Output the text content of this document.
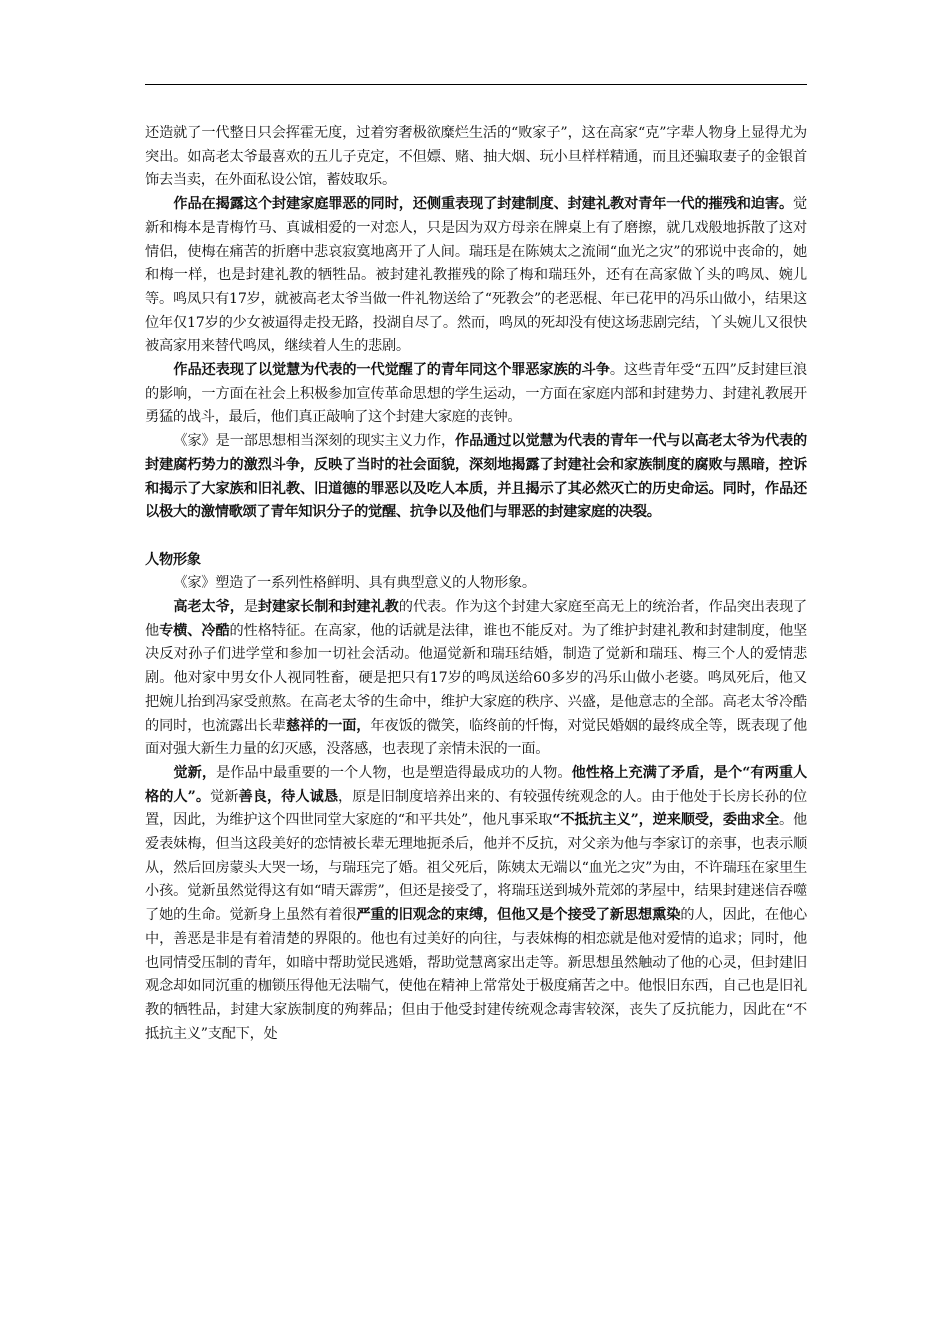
还造就了一代整日只会挥霍无度，过着穷奢极欲糜烂生活的“败家子”，这在高家“克”字辈人物身上显得尤为突出。如高老太爷最喜欢的五儿子克定，不但嫖、赌、抽大烟、玩小旦样样精通，而且还骗取妻子的金银首饰去当卖，在外面私设公馆，蓄妓取乐。

作品在揭露这个封建家庭罪恶的同时，还侧重表现了封建制度、封建礼教对青年一代的摧残和迫害。觉新和梅本是青梅竹马、真诚相爱的一对恋人，只是因为双方母亲在牌桌上有了磨擦，就几戏般地拆散了这对情侣，使梅在痛苦的折磨中悲哀寂寞地离开了人间。瑞珏是在陈姨太之流闹“血光之灾”的邪说中丧命的，她和梅一样，也是封建礼教的牺牲品。被封建礼教摧残的除了梅和瑞珏外，还有在高家做丫头的鸣凤、婉儿等。鸣凤只有17岁，就被高老太爷当做一件礼物送给了“死教会”的老恶棍、年已花甲的冯乐山做小，结果这位年仅17岁的少女被逼得走投无路，投湖自尽了。然而，鸣凤的死却没有使这场悲剧完结，丫头婉儿又很快被高家用来替代鸣凤，继续着人生的悲剧。

作品还表现了以觉慧为代表的一代觉醒了的青年同这个罪恶家族的斗争。这些青年受“五四”反封建巨浪的影响，一方面在社会上积极参加宣传革命思想的学生运动，一方面在家庭内部和封建势力、封建礼教展开勇猛的战斗，最后，他们真正敲响了这个封建大家庭的丧钟。

《家》是一部思想相当深刻的现实主义力作，作品通过以觉慧为代表的青年一代与以高老太爷为代表的封建腐朽势力的激烈斗争，反映了当时的社会面貌，深刻地揭露了封建社会和家族制度的腐败与黑暗，控诉和揭示了大家族和旧礼教、旧道德的罪恶以及吃人本质，并且揭示了其必然灭亡的历史命运。同时，作品还以极大的激情歌颂了青年知识分子的觉醒、抗争以及他们与罪恶的封建家庭的决裂。

人物形象

《家》塑造了一系列性格鲜明、具有典型意义的人物形象。

高老太爷，是封建家长制和封建礼教的代表。作为这个封建大家庭至高无上的统治者，作品突出表现了他专横、冷酷的性格特征。在高家，他的话就是法律，谁也不能反对。为了维护封建礼教和封建制度，他坚决反对孙子们进学堂和参加一切社会活动。他逼觉新和瑞珏结婚，制造了觉新和瑞珏、梅三个人的爱情悲剧。他对家中男女仆人视同牲畜，硬是把只有17岁的鸣凤送给60多岁的冯乐山做小老婆。鸣凤死后，他又把婉儿抬到冯家受煎熬。在高老太爷的生命中，维护大家庭的秩序、兴盛，是他意志的全部。高老太爷冷酷的同时，也流露出长辈慈祥的一面，年夜饭的微笑，临终前的忏悔，对觉民婚姻的最终成全等，既表现了他面对强大新生力量的幻灭感，没落感，也表现了亲情未泯的一面。

觉新，是作品中最重要的一个人物，也是塑造得最成功的人物。他性格上充满了矛盾，是个“有两重人格的人”。觉新善良，待人诚恳，原是旧制度培养出来的、有较强传统观念的人。由于他处于长房长孙的位置，因此，为维护这个四世同堂大家庭的“和平共处”，他凡事采取“不抵抗主义”，逆来顺受，委曲求全。他爱表妹梅，但当这段美好的恋情被长辈无理地扼杀后，他并不反抗，对父亲为他与李家订的亲事，也表示顺从，然后回房蒙头大哭一场，与瑞珏完了婚。祖父死后，陈姨太无端以“血光之灾”为由，不许瑞珏在家里生小孩。觉新虽然觉得这有如“晴天霹雳”，但还是接受了，将瑞珏送到城外荒郊的茅屋中，结果封建迷信吞噬了她的生命。觉新身上虽然有着很严重的旧观念的束缚，但他又是个接受了新思想熏染的人，因此，在他心中，善恶是非是有着清楚的界限的。他也有过美好的向往，与表妹梅的相恋就是他对爱情的追求；同时，他也同情受压制的青年，如暗中帮助觉民逃婚，帮助觉慧离家出走等。新思想虽然触动了他的心灵，但封建旧观念却如同沉重的枷锁压得他无法喘气，使他在精神上常常处于极度痛苦之中。他恨旧东西，自己也是旧礼教的牺牲品，封建大家族制度的殉葬品；但由于他受封建传统观念毒害较深，丧失了反抗能力，因此在“不抵抗主义”支配下，处
